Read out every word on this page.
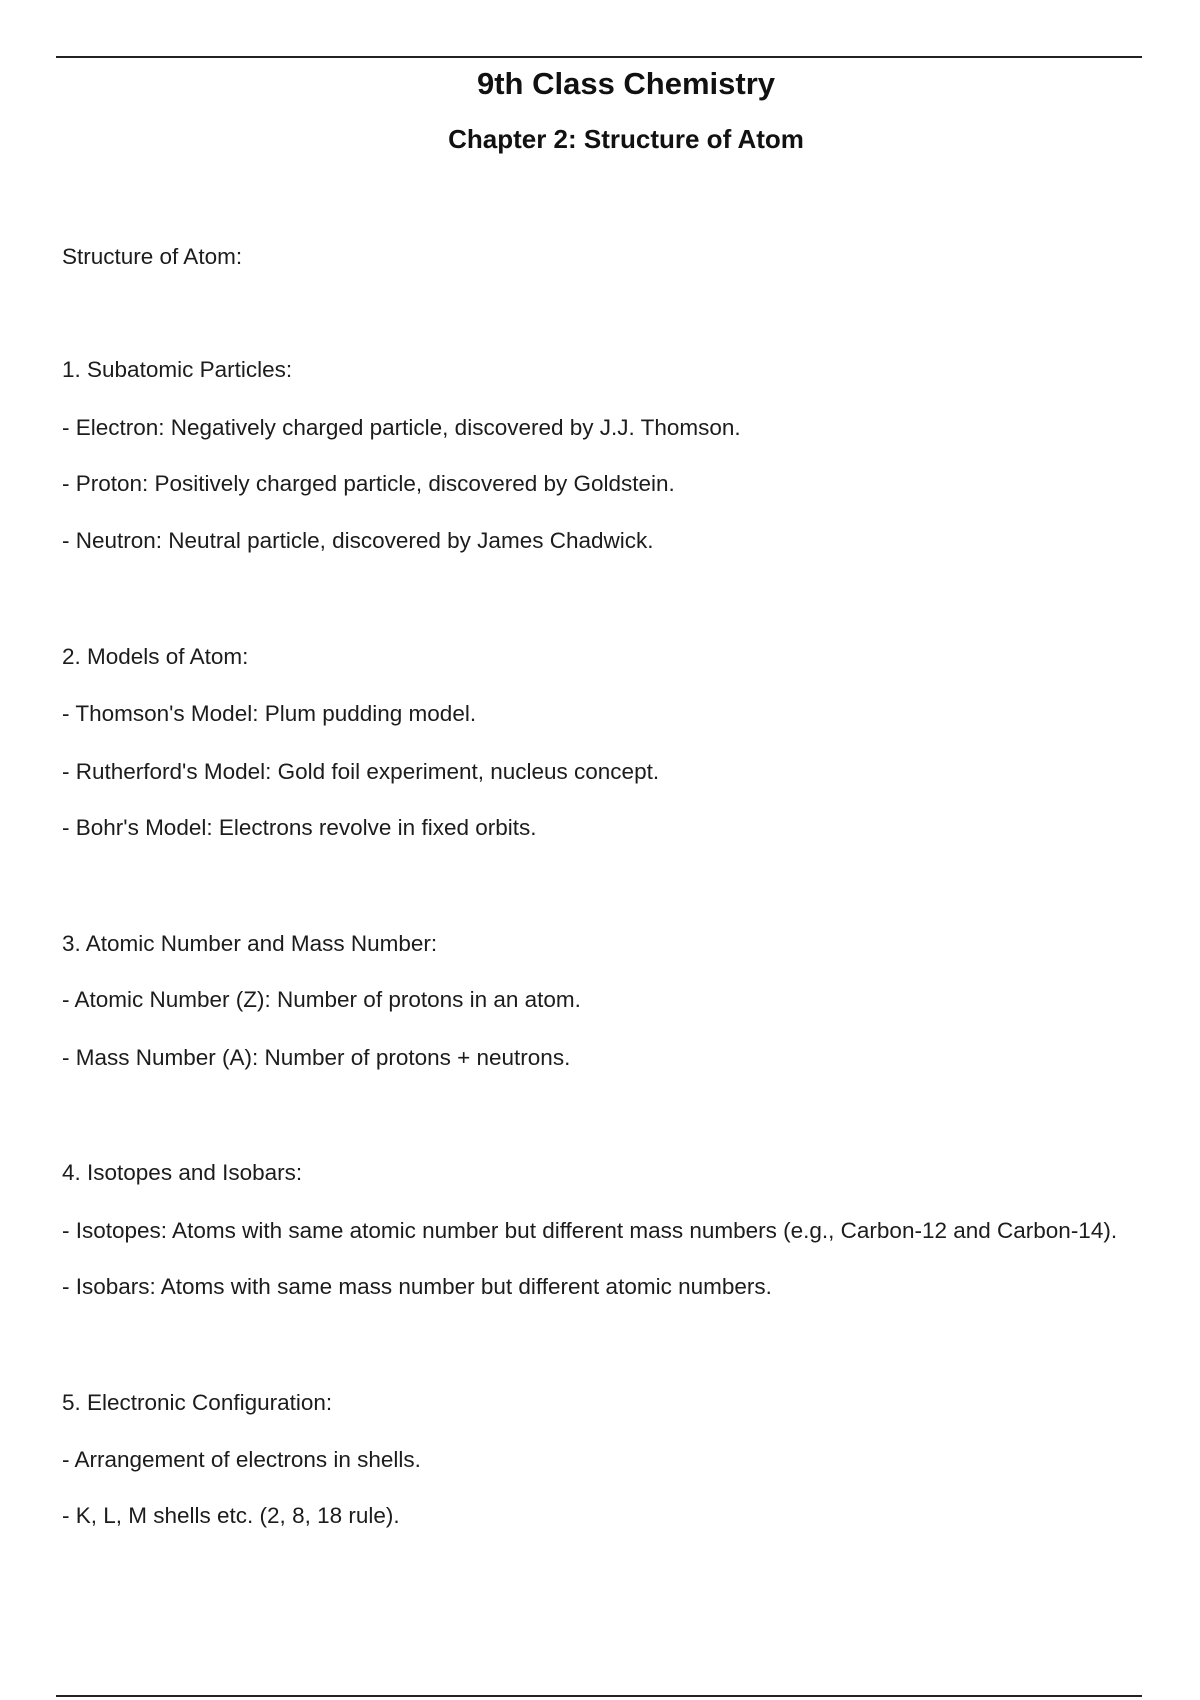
9th Class Chemistry
Chapter 2: Structure of Atom

Structure of Atom:

1. Subatomic Particles:

- Electron: Negatively charged particle, discovered by J.J. Thomson.

- Proton: Positively charged particle, discovered by Goldstein.

- Neutron: Neutral particle, discovered by James Chadwick.

2. Models of Atom:

- Thomson's Model: Plum pudding model.

- Rutherford's Model: Gold foil experiment, nucleus concept.

- Bohr's Model: Electrons revolve in fixed orbits.

3. Atomic Number and Mass Number:

- Atomic Number (Z): Number of protons in an atom.

- Mass Number (A): Number of protons + neutrons.

4. Isotopes and Isobars:

- Isotopes: Atoms with same atomic number but different mass numbers (e.g., Carbon-12 and Carbon-14).

- Isobars: Atoms with same mass number but different atomic numbers.

5. Electronic Configuration:

- Arrangement of electrons in shells.

- K, L, M shells etc. (2, 8, 18 rule).
